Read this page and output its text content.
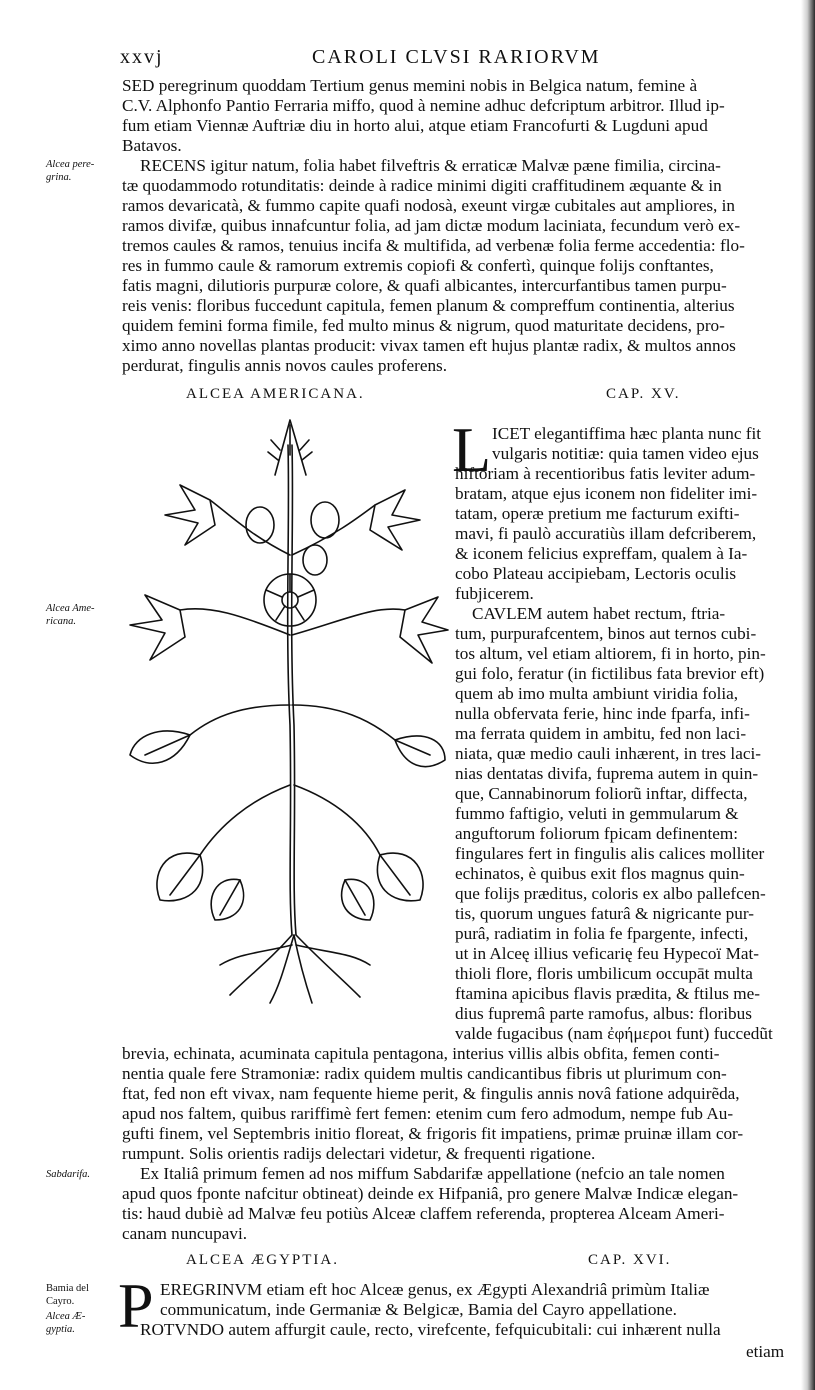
xxvj	CAROLI CLVSI RARIORVM
SED peregrinum quoddam Tertium genus memini nobis in Belgica natum, femine à
C.V. Alphonfo Pantio Ferraria miffo, quod à nemine adhuc defcriptum arbitror. Illud ip-
fum etiam Viennæ Auftriæ diu in horto alui, atque etiam Francofurti & Lugduni apud
Batavos.
RECENS igitur natum, folia habet filveftris & erraticæ Malvæ pæne fimilia, circina-
tæ quodammodo rotunditatis: deinde à radice minimi digiti craffitudinem æquante & in
ramos devaricatà, & fummo capite quafi nodosà, exeunt virgæ cubitales aut ampliores, in
ramos divifæ, quibus innafcuntur folia, ad jam dictæ modum laciniata, fecundum verò ex-
tremos caules & ramos, tenuius incifa & multifida, ad verbenæ folia ferme accedentia: flo-
res in fummo caule & ramorum extremis copiofi & confertì, quinque folijs conftantes,
fatis magni, dilutioris purpuræ colore, & quafi albicantes, intercurfantibus tamen purpu-
reis venis: floribus fuccedunt capitula, femen planum & compreffum continentia, alterius
quidem femini forma fimile, fed multo minus & nigrum, quod maturitate decidens, pro-
ximo anno novellas plantas producit: vivax tamen eft hujus plantæ radix, & multos annos
perdurat, fingulis annis novos caules proferens.
Alcea pere-grina.
ALCEA AMERICANA.	CAP. XV.
Alcea Ame-ricana.
L ICET elegantiffima hæc planta nunc fit
vulgaris notitiæ: quia tamen video ejus
hiftoriam à recentioribus fatis leviter adum-
bratam, atque ejus iconem non fideliter imi-
tatam, operæ pretium me facturum exifti-
mavi, fi paulò accuratiùs illam defcriberem,
& iconem felicius expreffam, qualem à Ia-
cobo Plateau accipiebam, Lectoris oculis
fubjicerem.
CAVLEM autem habet rectum, ftria-
tum, purpurafcentem, binos aut ternos cubi-
tos altum, vel etiam altiorem, fi in horto, pin-
gui folo, feratur (in fictilibus fata brevior eft)
quem ab imo multa ambiunt viridia folia,
nulla obfervata ferie, hinc inde fparfa, infi-
ma ferrata quidem in ambitu, fed non laci-
niata, quæ medio cauli inhærent, in tres laci-
nias dentatas divifa, fuprema autem in quin-
que, Cannabinorum foliorũ inftar, diffecta,
fummo faftigio, veluti in gemmularum &
anguftorum foliorum fpicam definentem:
fingulares fert in fingulis alis calices molliter
echinatos, è quibus exit flos magnus quin-
que folijs præditus, coloris ex albo pallefcen-
tis, quorum ungues faturâ & nigricante pur-
purâ, radiatim in folia fe fpargente, infecti,
ut in Alceę illius veficarię feu Hypecoï Mat-
thioli flore, floris umbilicum occupāt multa
ftamina apicibus flavis prædita, & ftilus me-
dius fupremâ parte ramofus, albus: floribus
valde fugacibus (nam ἐφήμεροι funt) fuccedũt
brevia, echinata, acuminata capitula pentagona, interius villis albis obfita, femen conti-
nentia quale fere Stramoniæ: radix quidem multis candicantibus fibris ut plurimum con-
ftat, fed non eft vivax, nam fequente hieme perit, & fingulis annis novâ fatione adquirẽda,
apud nos faltem, quibus rariffimè fert femen: etenim cum fero admodum, nempe fub Au-
gufti finem, vel Septembris initio floreat, & frigoris fit impatiens, primæ pruinæ illam cor-
rumpunt. Solis orientis radijs delectari videtur, & frequenti rigatione.
Ex Italiâ primum femen ad nos miffum Sabdarifæ appellatione (nefcio an tale nomen
apud quos fponte nafcitur obtineat) deinde ex Hifpaniâ, pro genere Malvæ Indicæ elegan-
tis: haud dubiè ad Malvæ feu potiùs Alceæ claffem referenda, propterea Alceam Ameri-
canam nuncupavi.
Sabdarifa.
ALCEA ÆGYPTIA.	CAP. XVI.
P EREGRINVM etiam eft hoc Alceæ genus, ex Ægypti Alexandriâ primùm Italiæ
communicatum, inde Germaniæ & Belgicæ, Bamia del Cayro appellatione.
ROTVNDO autem affurgit caule, recto, virefcente, fefquicubitali: cui inhærent nulla
etiam
Bamia del Cayro.
Alcea Æ-gyptia.
